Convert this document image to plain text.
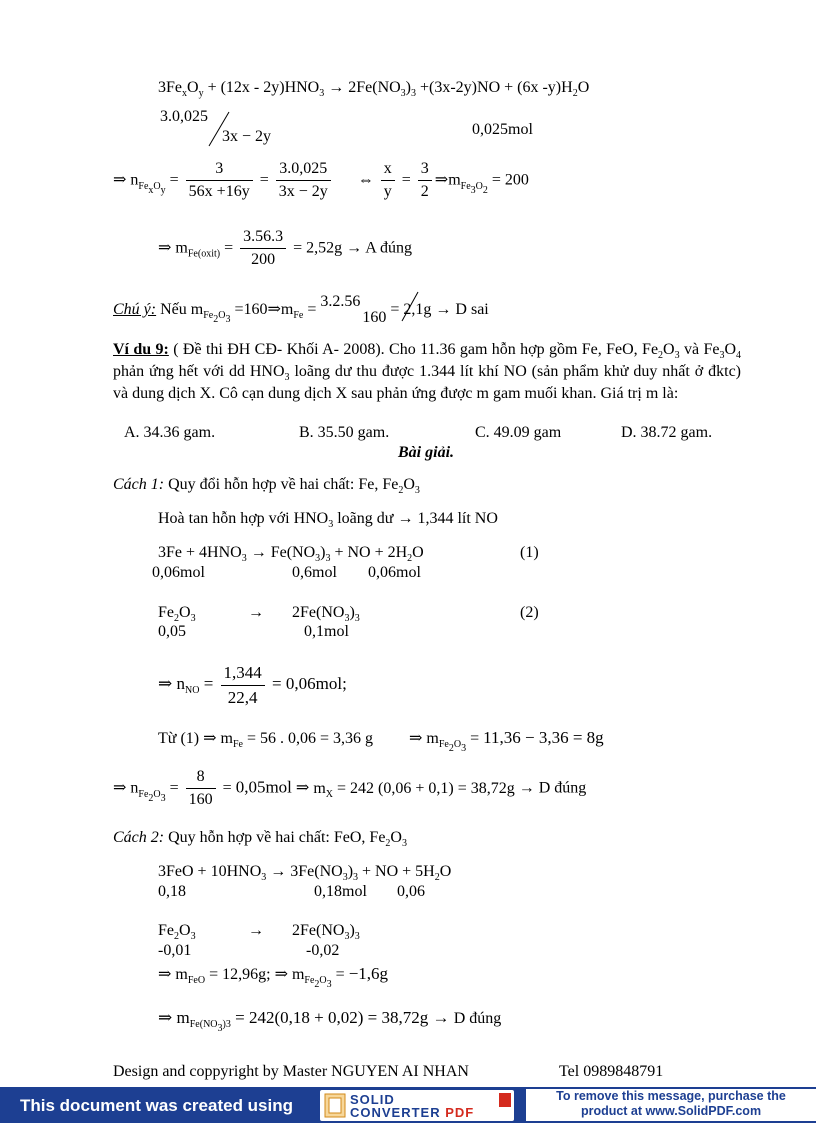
$3Fe_xO_y + (12x - 2y)HNO_3 \to 2Fe(NO_3)_3 +(3x-2y)NO + (6x$ $-y)H_2O$
3.0,025
3x − 2y	0,025mol
⇒ $n_{FexOy} = \frac{3}{56x +16y} = \frac{3.0,025}{3x - 2y}$ ⇔ $\frac{x}{y} = \frac{3}{2}$ $\Rightarrow m_{Fe3O2} = 200$
⇒ $m_{Fe(oxit)} = \frac{3.56.3}{200} = 2,52g \to A$ đúng
Chú ý: Nếu $m_{Fe2O3}$ $=160\Rightarrow m_{Fe} = 3.2.56160 = 2,1g \to D$ sai
Ví du 9: ( Đề thi ĐH CĐ- Khối A- 2008). Cho 11.36 gam hỗn hợp gồm Fe, FeO, $Fe_2O_3$ và $Fe_3O_4$ phản ứng hết với dd $HNO_3$ loãng dư thu được 1.344 lít khí NO (sản phẩm khử duy nhất ở đktc) và dung dịch X. Cô cạn dung dịch X sau phản ứng được m gam muối khan. Giá trị m là:
A. 34.36 gam.	B. 35.50 gam.	C. 49.09 gam	D. 38.72 gam.
Bài giải.
Cách 1: Quy đổi hỗn hợp về hai chất: Fe, $Fe_2O_3$
Hoà tan hỗn hợp với $HNO_3$ loãng dư → 1,344 lít NO
$3Fe + 4HNO_3 \to Fe(NO_3)_3$ + NO + $2H_2O$	(1)
0,06mol	0,6mol 0,06mol
$Fe_2O_3$	→ $2Fe(NO_3)_3$	(2)
0,05	0,1mol
⇒ $n_{NO} = \frac{1,344}{22,4} = 0,06mol$;
Từ (1) ⇒ $m_{Fe} = 56$ . 0,06 = 3,36 g ⇒ $m_{Fe2O3} = 11,36 - 3,36 = 8g$
⇒ $n_{Fe2O3} = \frac{8}{160} = 0,05mol$ ⇒ $m_X = 242$ (0,06 + 0,1) = 38,72g → D đúng
Cách 2: Quy hỗn hợp về hai chất: FeO, $Fe_2O_3$
$3FeO + 10HNO_3 \to 3Fe(NO_3)_3$ + NO + $5H_2O$
0,18	0,18mol 0,06
$Fe_2O_3$	→ $2Fe(NO_3)_3$
-0,01	-0,02
⇒ $m_{FeO} = 12,96g$; ⇒ $m_{Fe2O3} = -1,6g$
⇒ $m_{Fe(NO3)3} = 242(0,18 + 0,02) = 38,72g \to D$ đúng
Design and coppyright by Master NGUYEN AI NHAN	Tel 0989848791
This document was created using	SOLID
CONVERTER PDF
To remove this message, purchase the
product at www.SolidPDF.com
